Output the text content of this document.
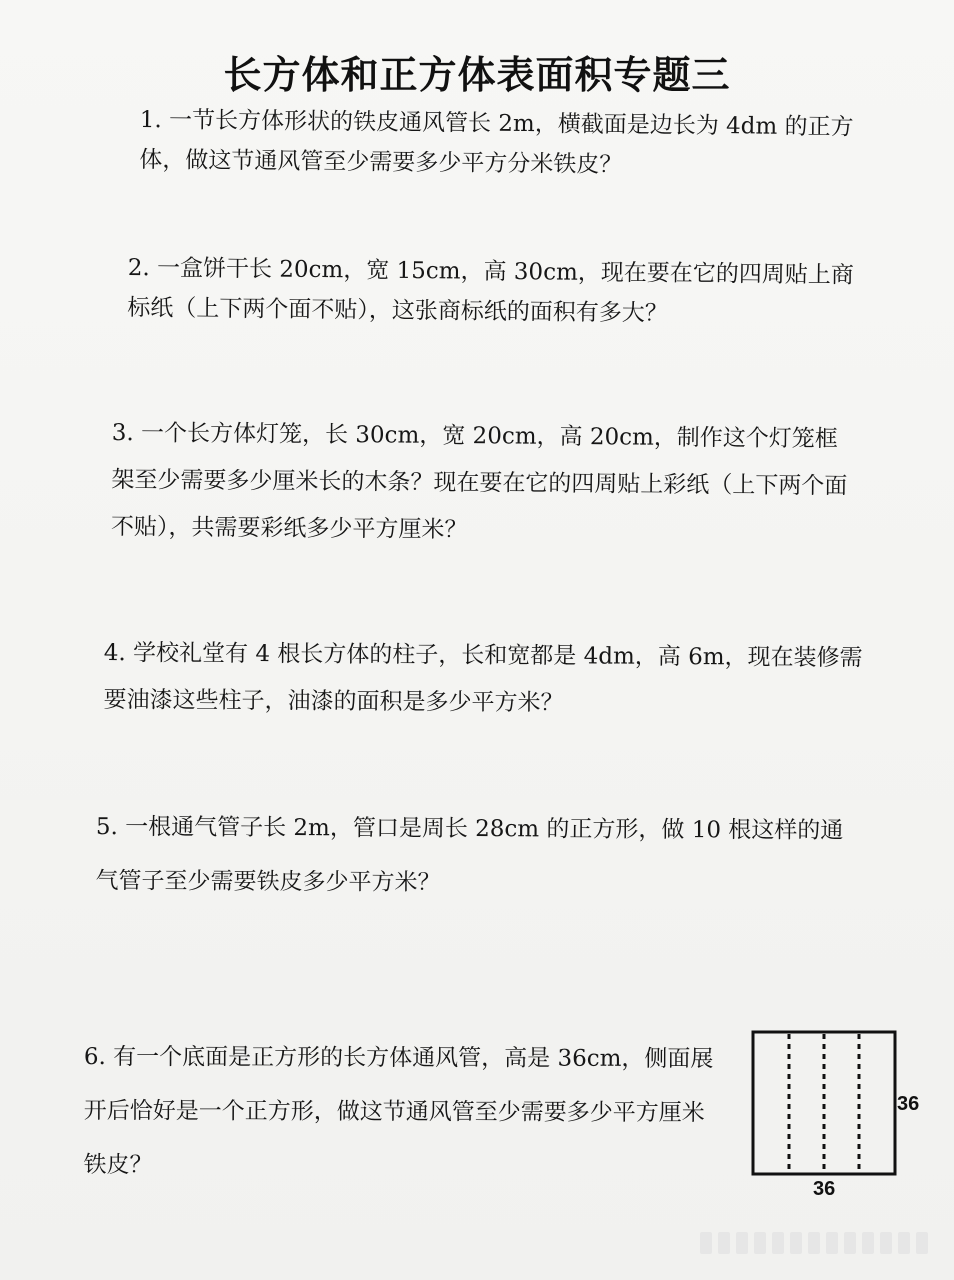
长方体和正方体表面积专题三
1. 一节长方体形状的铁皮通风管长 2m，横截面是边长为 4dm 的正方体，做这节通风管至少需要多少平方分米铁皮？
2. 一盒饼干长 20cm，宽 15cm，高 30cm，现在要在它的四周贴上商标纸（上下两个面不贴），这张商标纸的面积有多大？
3. 一个长方体灯笼，长 30cm，宽 20cm，高 20cm，制作这个灯笼框架至少需要多少厘米长的木条？现在要在它的四周贴上彩纸（上下两个面不贴），共需要彩纸多少平方厘米？
4. 学校礼堂有 4 根长方体的柱子，长和宽都是 4dm，高 6m，现在装修需要油漆这些柱子，油漆的面积是多少平方米？
5. 一根通气管子长 2m，管口是周长 28cm 的正方形，做 10 根这样的通气管子至少需要铁皮多少平方米？
6. 有一个底面是正方形的长方体通风管，高是 36cm，侧面展开后恰好是一个正方形，做这节通风管至少需要多少平方厘米铁皮？
36
36
